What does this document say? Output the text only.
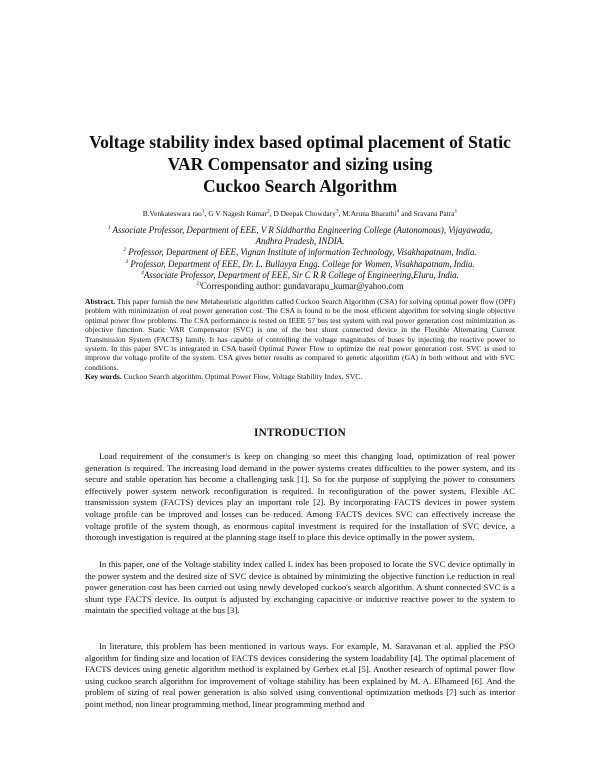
Voltage stability index based optimal placement of Static
VAR Compensator and sizing using
Cuckoo Search Algorithm
B.Venkateswara rao$^1$, G V Nagesh Kumar$^2$, D Deepak Chowdary$^3$, M.Aruna Bharathi$^4$ and Sravana Patra$^1$
$^1$ Associate Professor, Department of EEE, V R Siddhartha Engineering College (Autonomous), Vijayawada,
Andhra Pradesh, INDIA.
$^2$ Professor, Department of EEE, Vignan Institute of information Technology, Visakhapatnam, India.
$^3$ Professor, Department of EEE, Dr. L. Bullayya Engg. College for Women, Visakhapatnam, India.
$^4$Associate Professor, Department of EEE, Sir C R R College of Engineering,Eluru, India.
$^{2)}$Corresponding author: gundavarapu_kumar@yahoo.com
Abstract. This paper furnish the new Metaheuristic algorithm called Cuckoo Search Algorithm (CSA) for solving optimal power flow (OPF) problem with minimization of real power generation cost. The CSA is found to be the most efficient algorithm for solving single objective optimal power flow problems. The CSA performance is tested on IEEE 57 bus test system with real power generation cost minimization as objective function. Static VAR Compensator (SVC) is one of the best shunt connected device in the Flexible Alternating Current Transmission System (FACTS) family. It has capable of controlling the voltage magnitudes of buses by injecting the reactive power to system. In this paper SVC is integrated in CSA based Optimal Power Flow to optimize the real power generation cost. SVC is used to improve the voltage profile of the system. CSA gives better results as compared to genetic algorithm (GA) in both without and with SVC conditions.
Key words. Cuckoo Search algorithm, Optimal Power Flow, Voltage Stability Index, SVC.
INTRODUCTION
Load requirement of the consumer's is keep on changing so meet this changing load, optimization of real power generation is required. The increasing load demand in the power systems creates difficulties to the power system, and its secure and stable operation has become a challenging task [1]. So for the purpose of supplying the power to consumers effectively power system network reconfiguration is required. In reconfiguration of the power system, Flexible AC transmission system (FACTS) devices play an important role [2]. By incorporating FACTS devices in power system voltage profile can be improved and losses can be reduced. Among FACTS devices SVC can effectively increase the voltage profile of the system though, as enormous capital investment is required for the installation of SVC device, a thorough investigation is required at the planning stage itself to place this device optimally in the power system.
In this paper, one of the Voltage stability index called L index has been proposed to locate the SVC device optimally in the power system and the desired size of SVC device is obtained by minimizing the objective function i.e reduction in real power generation cost has been carried out using newly developed cuckoo's search algorithm. A shunt connected SVC is a shunt type FACTS device. Its output is adjusted by exchanging capacitive or inductive reactive power to the system to maintain the specified voltage at the bus [3].
In literature, this problem has been mentioned in various ways. For example, M. Saravanan et al. applied the PSO algorithm for finding size and location of FACTS devices considering the system loadability [4]. The optimal placement of FACTS devices using genetic algorithm method is explained by Gerbex et.al [5]. Another research of optimal power flow using cuckoo search algorithm for improvement of voltage stability has been explained by M. A. Elhameed [6]. And the problem of sizing of real power generation is also solved using conventional optimization methods [7] such as interior point method, non linear programming method, linear programming method and
